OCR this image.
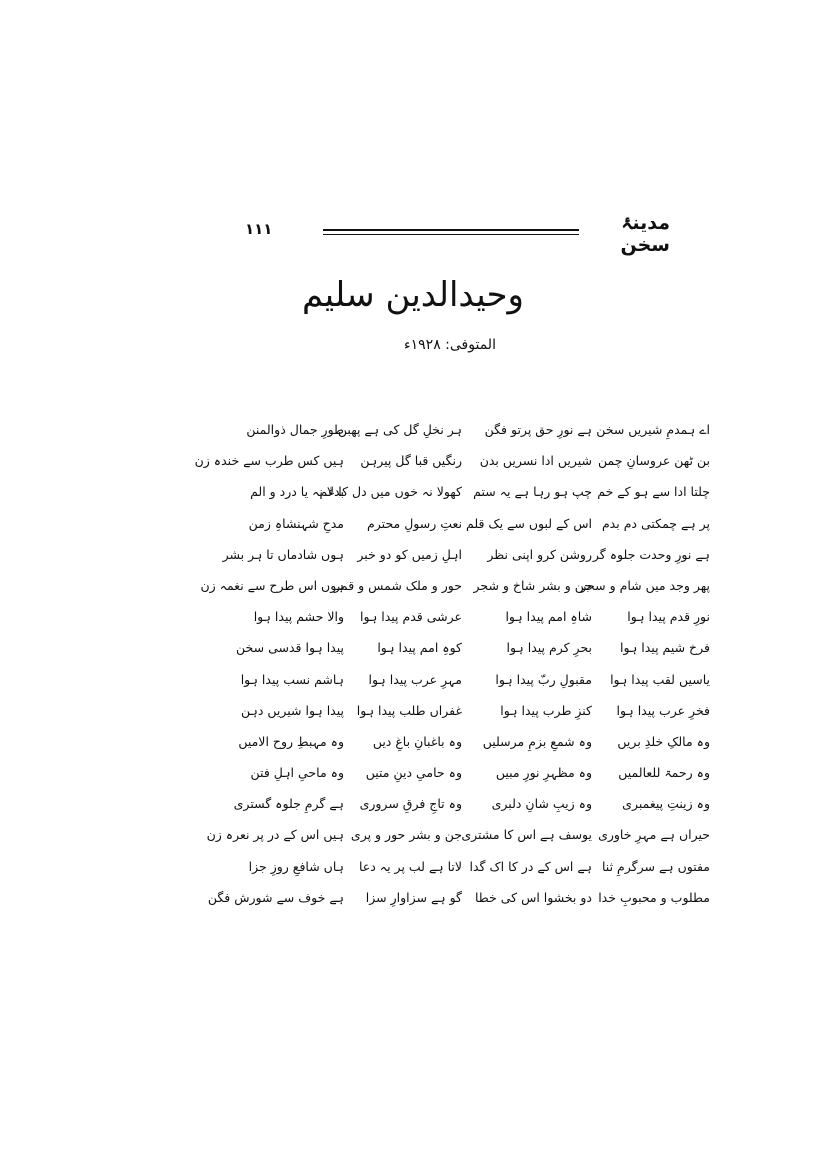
مدینۂ سخن
۱۱۱
وحیدالدین سلیم
المتوفی: ۱۹۲۸ء
اے ہمدمِ شیریں سخن
ہے نورِ حق پرتو فگن
ہر نخلِ گل کی ہے پھبن
طورِ جمال ذوالمنن
بن ٹھن عروسانِ چمن
شیریں ادا نسریں بدن
رنگیں قبا گل پیرہن
ہیں کس طرب سے خندہ زن
چلتا ادا سے ہو کے خم
چپ ہو رہا ہے یہ ستم
کھولا نہ خوں میں دل کا غم
بدلا نہ یا درد و الم
پر ہے چمکتی دم بدم
اس کے لبوں سے یک قلم
نعتِ رسولِ محترم
مدحِ شہنشاہِ زمن
ہے نورِ وحدت جلوہ گر
روشن کرو اپنی نظر
اہلِ زمیں کو دو خبر
ہوں شادماں تا ہر بشر
پھر وجد میں شام و سحر
جن و بشر شاخ و شجر
حور و ملک شمس و قمر
ہوں اس طرح سے نغمہ زن
نورِ قدم پیدا ہوا
شاہِ امم پیدا ہوا
عرشی قدم پیدا ہوا
والا حشم پیدا ہوا
فرخ شیم پیدا ہوا
بحرِ کرم پیدا ہوا
کوہِ امم پیدا ہوا
پیدا ہوا قدسی سخن
یاسیں لقب پیدا ہوا
مقبولِ ربّ پیدا ہوا
مہرِ عرب پیدا ہوا
ہاشم نسب پیدا ہوا
فخرِ عرب پیدا ہوا
کنزِ طرب پیدا ہوا
غفراں طلب پیدا ہوا
پیدا ہوا شیریں دہن
وہ مالکِ خلدِ بریں
وہ شمعِ بزمِ مرسلیں
وہ باغبانِ باغِ دیں
وہ مہبطِ روح الامیں
وہ رحمۃ للعالمیں
وہ مظہرِ نورِ مبیں
وہ حامیِ دینِ متیں
وہ ماحیِ اہلِ فتن
وہ زینتِ پیغمبری
وہ زیبِ شانِ دلبری
وہ تاجِ فرقِ سروری
ہے گرمِ جلوہ گستری
حیراں ہے مہرِ خاوری
یوسف ہے اس کا مشتری
جن و بشر حور و پری
ہیں اس کے در پر نعرہ زن
مفتوں ہے سرگرمِ ثنا
ہے اس کے در کا اک گدا
لاتا ہے لب پر یہ دعا
ہاں شافعِ روزِ جزا
مطلوب و محبوبِ خدا
دو بخشوا اس کی خطا
گو ہے سزاوارِ سزا
ہے خوف سے شورش فگن
